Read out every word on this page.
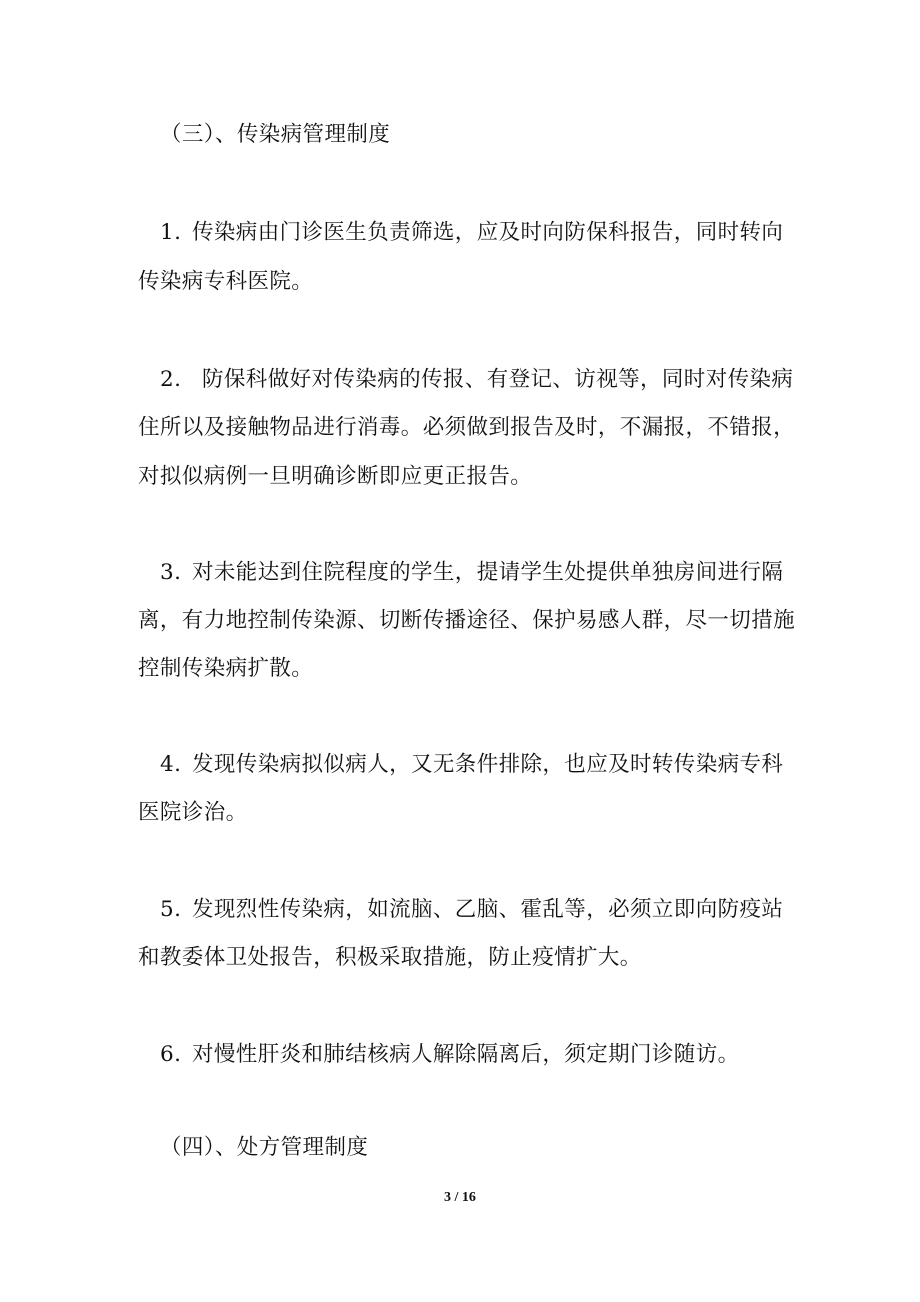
（三）、传染病管理制度
1. 传染病由门诊医生负责筛选，应及时向防保科报告，同时转向
传染病专科医院。
2. 防保科做好对传染病的传报、有登记、访视等，同时对传染病
住所以及接触物品进行消毒。必须做到报告及时，不漏报，不错报，
对拟似病例一旦明确诊断即应更正报告。
3. 对未能达到住院程度的学生，提请学生处提供单独房间进行隔
离，有力地控制传染源、切断传播途径、保护易感人群，尽一切措施
控制传染病扩散。
4. 发现传染病拟似病人，又无条件排除，也应及时转传染病专科
医院诊治。
5. 发现烈性传染病，如流脑、乙脑、霍乱等，必须立即向防疫站
和教委体卫处报告，积极采取措施，防止疫情扩大。
6. 对慢性肝炎和肺结核病人解除隔离后，须定期门诊随访。
（四）、处方管理制度
3 / 16
